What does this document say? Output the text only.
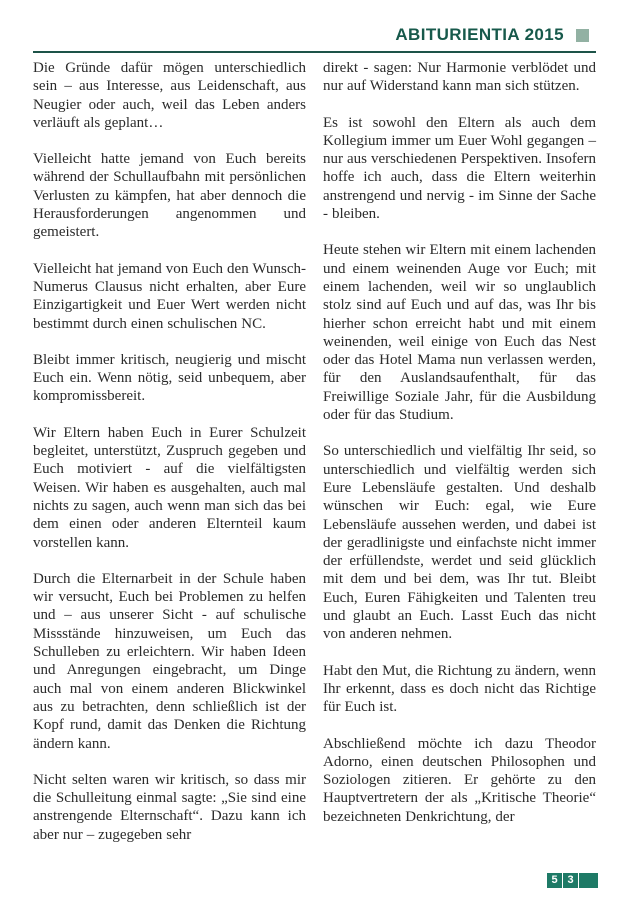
ABITURIENTIA 2015

Die Gründe dafür mögen unterschiedlich sein – aus Interesse, aus Leidenschaft, aus Neugier oder auch, weil das Leben anders verläuft als geplant…

Vielleicht hatte jemand von Euch bereits während der Schullaufbahn mit persönlichen Verlusten zu kämpfen, hat aber dennoch die Herausforderungen angenommen und gemeistert.

Vielleicht hat jemand von Euch den Wunsch-Numerus Clausus nicht erhalten, aber Eure Einzigartigkeit und Euer Wert werden nicht bestimmt durch einen schulischen NC.

Bleibt immer kritisch, neugierig und mischt Euch ein. Wenn nötig, seid unbequem, aber kompromissbereit.

Wir Eltern haben Euch in Eurer Schulzeit begleitet, unterstützt, Zuspruch gegeben und Euch motiviert - auf die vielfältigsten Weisen. Wir haben es ausgehalten, auch mal nichts zu sagen, auch wenn man sich das bei dem einen oder anderen Elternteil kaum vorstellen kann.

Durch die Elternarbeit in der Schule haben wir versucht, Euch bei Problemen zu helfen und – aus unserer Sicht - auf schulische Missstände hinzuweisen, um Euch das Schulleben zu erleichtern. Wir haben Ideen und Anregungen eingebracht, um Dinge auch mal von einem anderen Blickwinkel aus zu betrachten, denn schließlich ist der Kopf rund, damit das Denken die Richtung ändern kann.

Nicht selten waren wir kritisch, so dass mir die Schulleitung einmal sagte: „Sie sind eine anstrengende Elternschaft“. Dazu kann ich aber nur – zugegeben sehr

direkt - sagen: Nur Harmonie verblödet und nur auf Widerstand kann man sich stützen.

Es ist sowohl den Eltern als auch dem Kollegium immer um Euer Wohl gegangen – nur aus verschiedenen Perspektiven. Insofern hoffe ich auch, dass die Eltern weiterhin anstrengend und nervig - im Sinne der Sache - bleiben.

Heute stehen wir Eltern mit einem lachenden und einem weinenden Auge vor Euch; mit einem lachenden, weil wir so unglaublich stolz sind auf Euch und auf das, was Ihr bis hierher schon erreicht habt und mit einem weinenden, weil einige von Euch das Nest oder das Hotel Mama nun verlassen werden, für den Auslandsaufenthalt, für das Freiwillige Soziale Jahr, für die Ausbildung oder für das Studium.

So unterschiedlich und vielfältig Ihr seid, so unterschiedlich und vielfältig werden sich Eure Lebensläufe gestalten. Und deshalb wünschen wir Euch: egal, wie Eure Lebensläufe aussehen werden, und dabei ist der geradlinigste und einfachste nicht immer der erfüllendste, werdet und seid glücklich mit dem und bei dem, was Ihr tut. Bleibt Euch, Euren Fähigkeiten und Talenten treu und glaubt an Euch. Lasst Euch das nicht von anderen nehmen.

Habt den Mut, die Richtung zu ändern, wenn Ihr erkennt, dass es doch nicht das Richtige für Euch ist.

Abschließend möchte ich dazu Theodor Adorno, einen deutschen Philosophen und Soziologen zitieren. Er gehörte zu den Hauptvertretern der als „Kritische Theorie“ bezeichneten Denkrichtung, der

5 3
